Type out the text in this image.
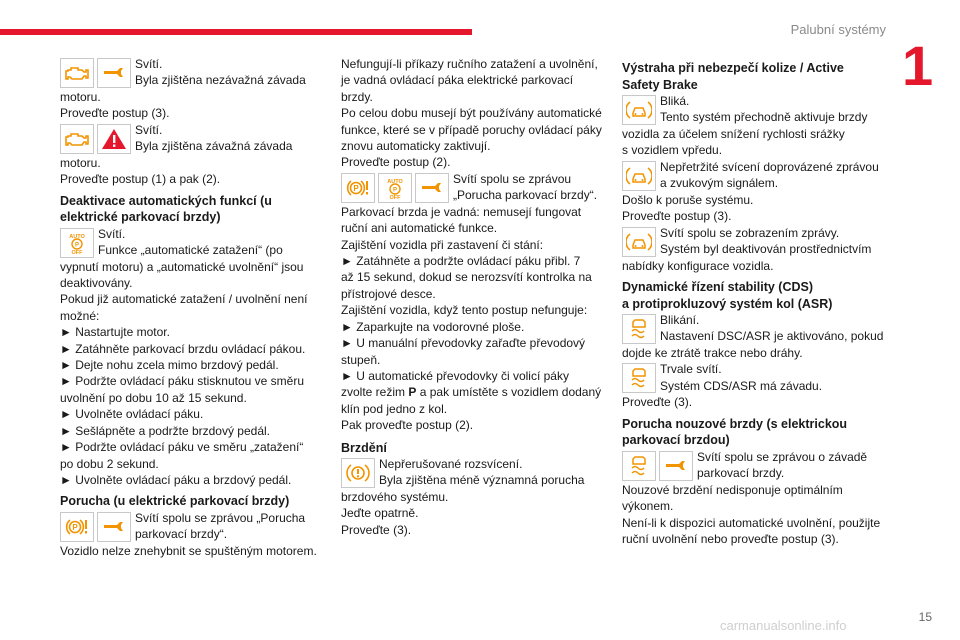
Palubní systémy
1

Svítí.

Byla zjištěna nezávažná závada

motoru.

Proveďte postup (3).

Svítí.

Byla zjištěna závažná závada

motoru.

Proveďte postup (1) a pak (2).

Deaktivace automatických funkcí (u
elektrické parkovací brzdy)

Svítí.

Funkce „automatické zatažení“ (po

vypnutí motoru) a „automatické uvolnění“ jsou

deaktivovány.

Pokud již automatické zatažení / uvolnění není

možné:

► Nastartujte motor.

► Zatáhněte parkovací brzdu ovládací pákou.

► Dejte nohu zcela mimo brzdový pedál.

► Podržte ovládací páku stisknutou ve směru

uvolnění po dobu 10 až 15 sekund.

► Uvolněte ovládací páku.

► Sešlápněte a podržte brzdový pedál.

► Podržte ovládací páku ve směru „zatažení“

po dobu 2 sekund.

► Uvolněte ovládací páku a brzdový pedál.

Porucha (u elektrické parkovací brzdy)

Svítí spolu se zprávou „Porucha

parkovací brzdy“.

Vozidlo nelze znehybnit se spuštěným motorem.

Nefungují-li příkazy ručního zatažení a uvolnění,

je vadná ovládací páka elektrické parkovací

brzdy.

Po celou dobu musejí být používány automatické

funkce, které se v případě poruchy ovládací páky

znovu automaticky zaktivují.

Proveďte postup (2).

Svítí spolu se zprávou

„Porucha parkovací brzdy“.

Parkovací brzda je vadná: nemusejí fungovat

ruční ani automatické funkce.

Zajištění vozidla při zastavení či stání:

► Zatáhněte a podržte ovládací páku přibl. 7

až 15 sekund, dokud se nerozsvítí kontrolka na

přístrojové desce.

Zajištění vozidla, když tento postup nefunguje:

► Zaparkujte na vodorovné ploše.

► U manuální převodovky zařaďte převodový

stupeň.

► U automatické převodovky či volicí páky

zvolte režim P a pak umístěte s vozidlem dodaný

klín pod jedno z kol.

Pak proveďte postup (2).

Brzdění

Nepřerušované rozsvícení.

Byla zjištěna méně významná porucha

brzdového systému.

Jeďte opatrně.

Proveďte (3).

Výstraha při nebezpečí kolize / Active
Safety Brake

Bliká.

Tento systém přechodně aktivuje brzdy

vozidla za účelem snížení rychlosti srážky

s vozidlem vpředu.

Nepřetržité svícení doprovázené zprávou

a zvukovým signálem.

Došlo k poruše systému.

Proveďte postup (3).

Svítí spolu se zobrazením zprávy.

Systém byl deaktivován prostřednictvím

nabídky konfigurace vozidla.

Dynamické řízení stability (CDS)
a protiprokluzový systém kol (ASR)

Blikání.

Nastavení DSC/ASR je aktivováno, pokud

dojde ke ztrátě trakce nebo dráhy.

Trvale svítí.

Systém CDS/ASR má závadu.

Proveďte (3).

Porucha nouzové brzdy (s elektrickou
parkovací brzdou)

Svítí spolu se zprávou o závadě

parkovací brzdy.

Nouzové brzdění nedisponuje optimálním

výkonem.

Není-li k dispozici automatické uvolnění, použijte

ruční uvolnění nebo proveďte postup (3).

carmanualsonline.info
15
